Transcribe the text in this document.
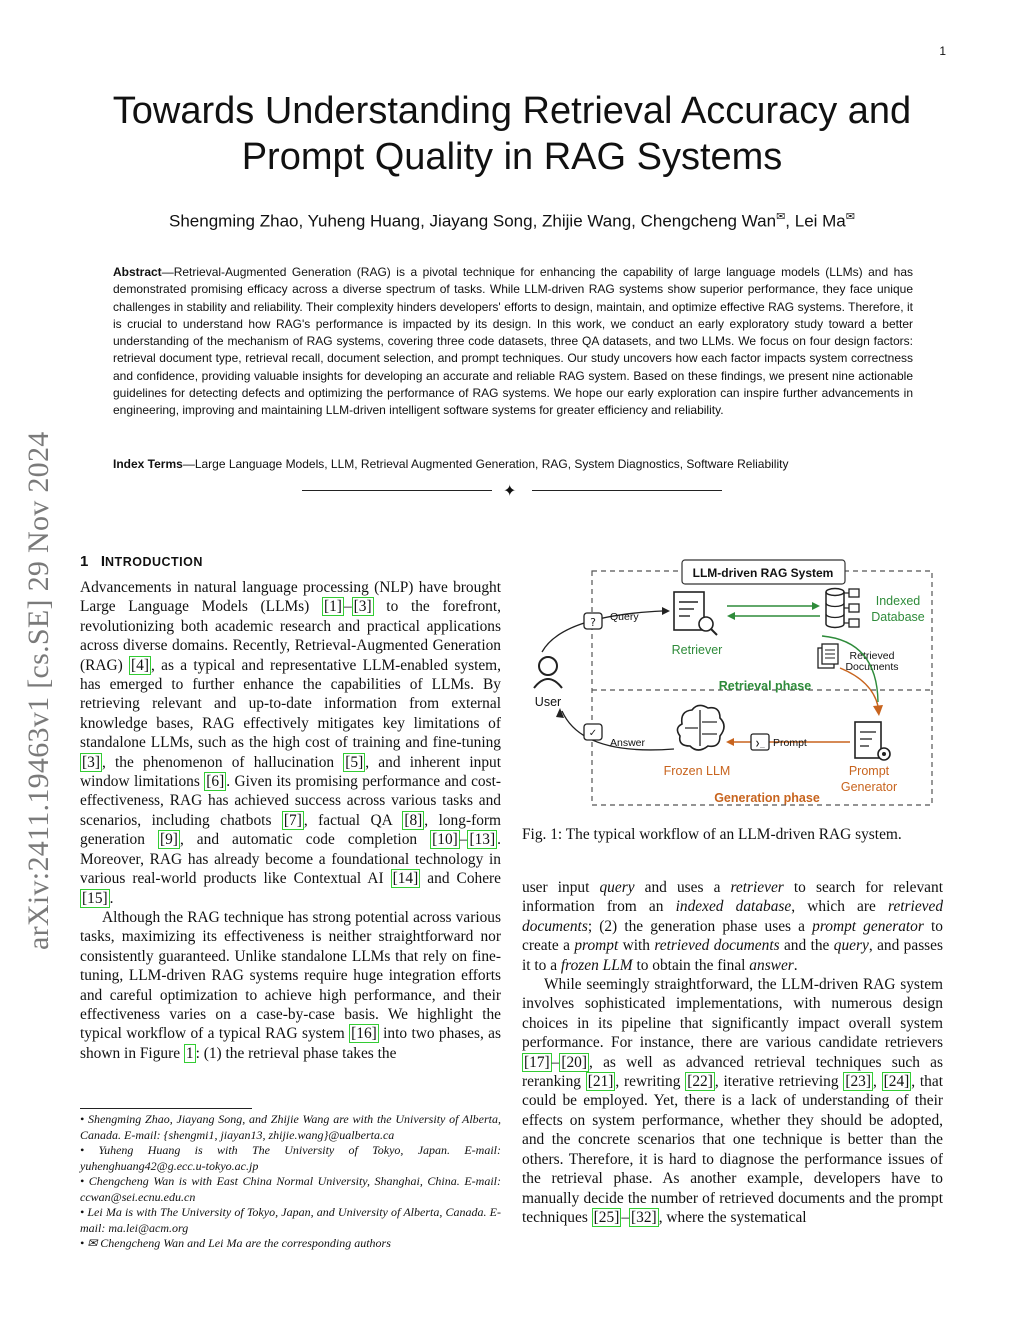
1
Towards Understanding Retrieval Accuracy and Prompt Quality in RAG Systems
Shengming Zhao, Yuheng Huang, Jiayang Song, Zhijie Wang, Chengcheng Wan✉, Lei Ma✉
Abstract—Retrieval-Augmented Generation (RAG) is a pivotal technique for enhancing the capability of large language models (LLMs) and has demonstrated promising efficacy across a diverse spectrum of tasks. While LLM-driven RAG systems show superior performance, they face unique challenges in stability and reliability. Their complexity hinders developers' efforts to design, maintain, and optimize effective RAG systems. Therefore, it is crucial to understand how RAG's performance is impacted by its design. In this work, we conduct an early exploratory study toward a better understanding of the mechanism of RAG systems, covering three code datasets, three QA datasets, and two LLMs. We focus on four design factors: retrieval document type, retrieval recall, document selection, and prompt techniques. Our study uncovers how each factor impacts system correctness and confidence, providing valuable insights for developing an accurate and reliable RAG system. Based on these findings, we present nine actionable guidelines for detecting defects and optimizing the performance of RAG systems. We hope our early exploration can inspire further advancements in engineering, improving and maintaining LLM-driven intelligent software systems for greater efficiency and reliability.
Index Terms—Large Language Models, LLM, Retrieval Augmented Generation, RAG, System Diagnostics, Software Reliability
✦
arXiv:2411.19463v1 [cs.SE] 29 Nov 2024 1 INTRODUCTION

Advancements in natural language processing (NLP) have brought Large Language Models (LLMs) [1] – [3] to the forefront, revolutionizing both academic research and practical applications across diverse domains. Recently, Retrieval-Augmented Generation (RAG) [4] , as a typical and representative LLM-enabled system, has emerged to further enhance the capabilities of LLMs. By retrieving relevant and up-to-date information from external knowledge bases, RAG effectively mitigates key limitations of standalone LLMs, such as the high cost of training and fine-tuning [3] , the phenomenon of hallucination [5] , and inherent input window limitations [6] . Given its promising performance and cost-effectiveness, RAG has achieved success across various tasks and scenarios, including chatbots [7] , factual QA [8] , long-form generation [9] , and automatic code completion [10] – [13] . Moreover, RAG has already become a foundational technology in various real-world products like Contextual AI [14] and Cohere [15] .

Although the RAG technique has strong potential across various tasks, maximizing its effectiveness is neither straightforward nor consistently guaranteed. Unlike standalone LLMs that rely on fine-tuning, LLM-driven RAG systems require huge integration efforts and careful optimization to achieve high performance, and their effectiveness varies on a case-by-case basis. We highlight the typical workflow of a typical RAG system [16] into two phases, as shown in Figure 1 : (1) the retrieval phase takes the

• Shengming Zhao, Jiayang Song, and Zhijie Wang are with the University of Alberta, Canada. E-mail: {shengmi1, jiayan13, zhijie.wang}@ualberta.ca
• Yuheng Huang is with The University of Tokyo, Japan. E-mail: yuhenghuang42@g.ecc.u-tokyo.ac.jp
• Chengcheng Wan is with East China Normal University, Shanghai, China. E-mail: ccwan@sei.ecnu.edu.cn
• Lei Ma is with The University of Tokyo, Japan, and University of Alberta, Canada. E-mail: ma.lei@acm.org
• ✉ Chengcheng Wan and Lei Ma are the corresponding authors
LLM-driven RAG System
User
? Query
✓
Answer
Retriever
Indexed
Database
Retrieved
Documents
Retrieval phase
Frozen LLM
❯_ Prompt
Prompt
Generator
Generation phase
Fig. 1: The typical workflow of an LLM-driven RAG system.

user input query and uses a retriever to search for relevant information from an indexed database, which are retrieved documents; (2) the generation phase uses a prompt generator to create a prompt with retrieved documents and the query, and passes it to a frozen LLM to obtain the final answer.

While seemingly straightforward, the LLM-driven RAG system involves sophisticated implementations, with numerous design choices in its pipeline that significantly impact overall system performance. For instance, there are various candidate retrievers [17] – [20] , as well as advanced retrieval techniques such as reranking [21] , rewriting [22] , iterative retrieving [23] , [24] , that could be employed. Yet, there is a lack of understanding of their effects on system performance, whether they should be adopted, and the concrete scenarios that one technique is better than the others. Therefore, it is hard to diagnose the performance issues of the retrieval phase. As another example, developers have to manually decide the number of retrieved documents and the prompt techniques [25] – [32] , where the systematical
